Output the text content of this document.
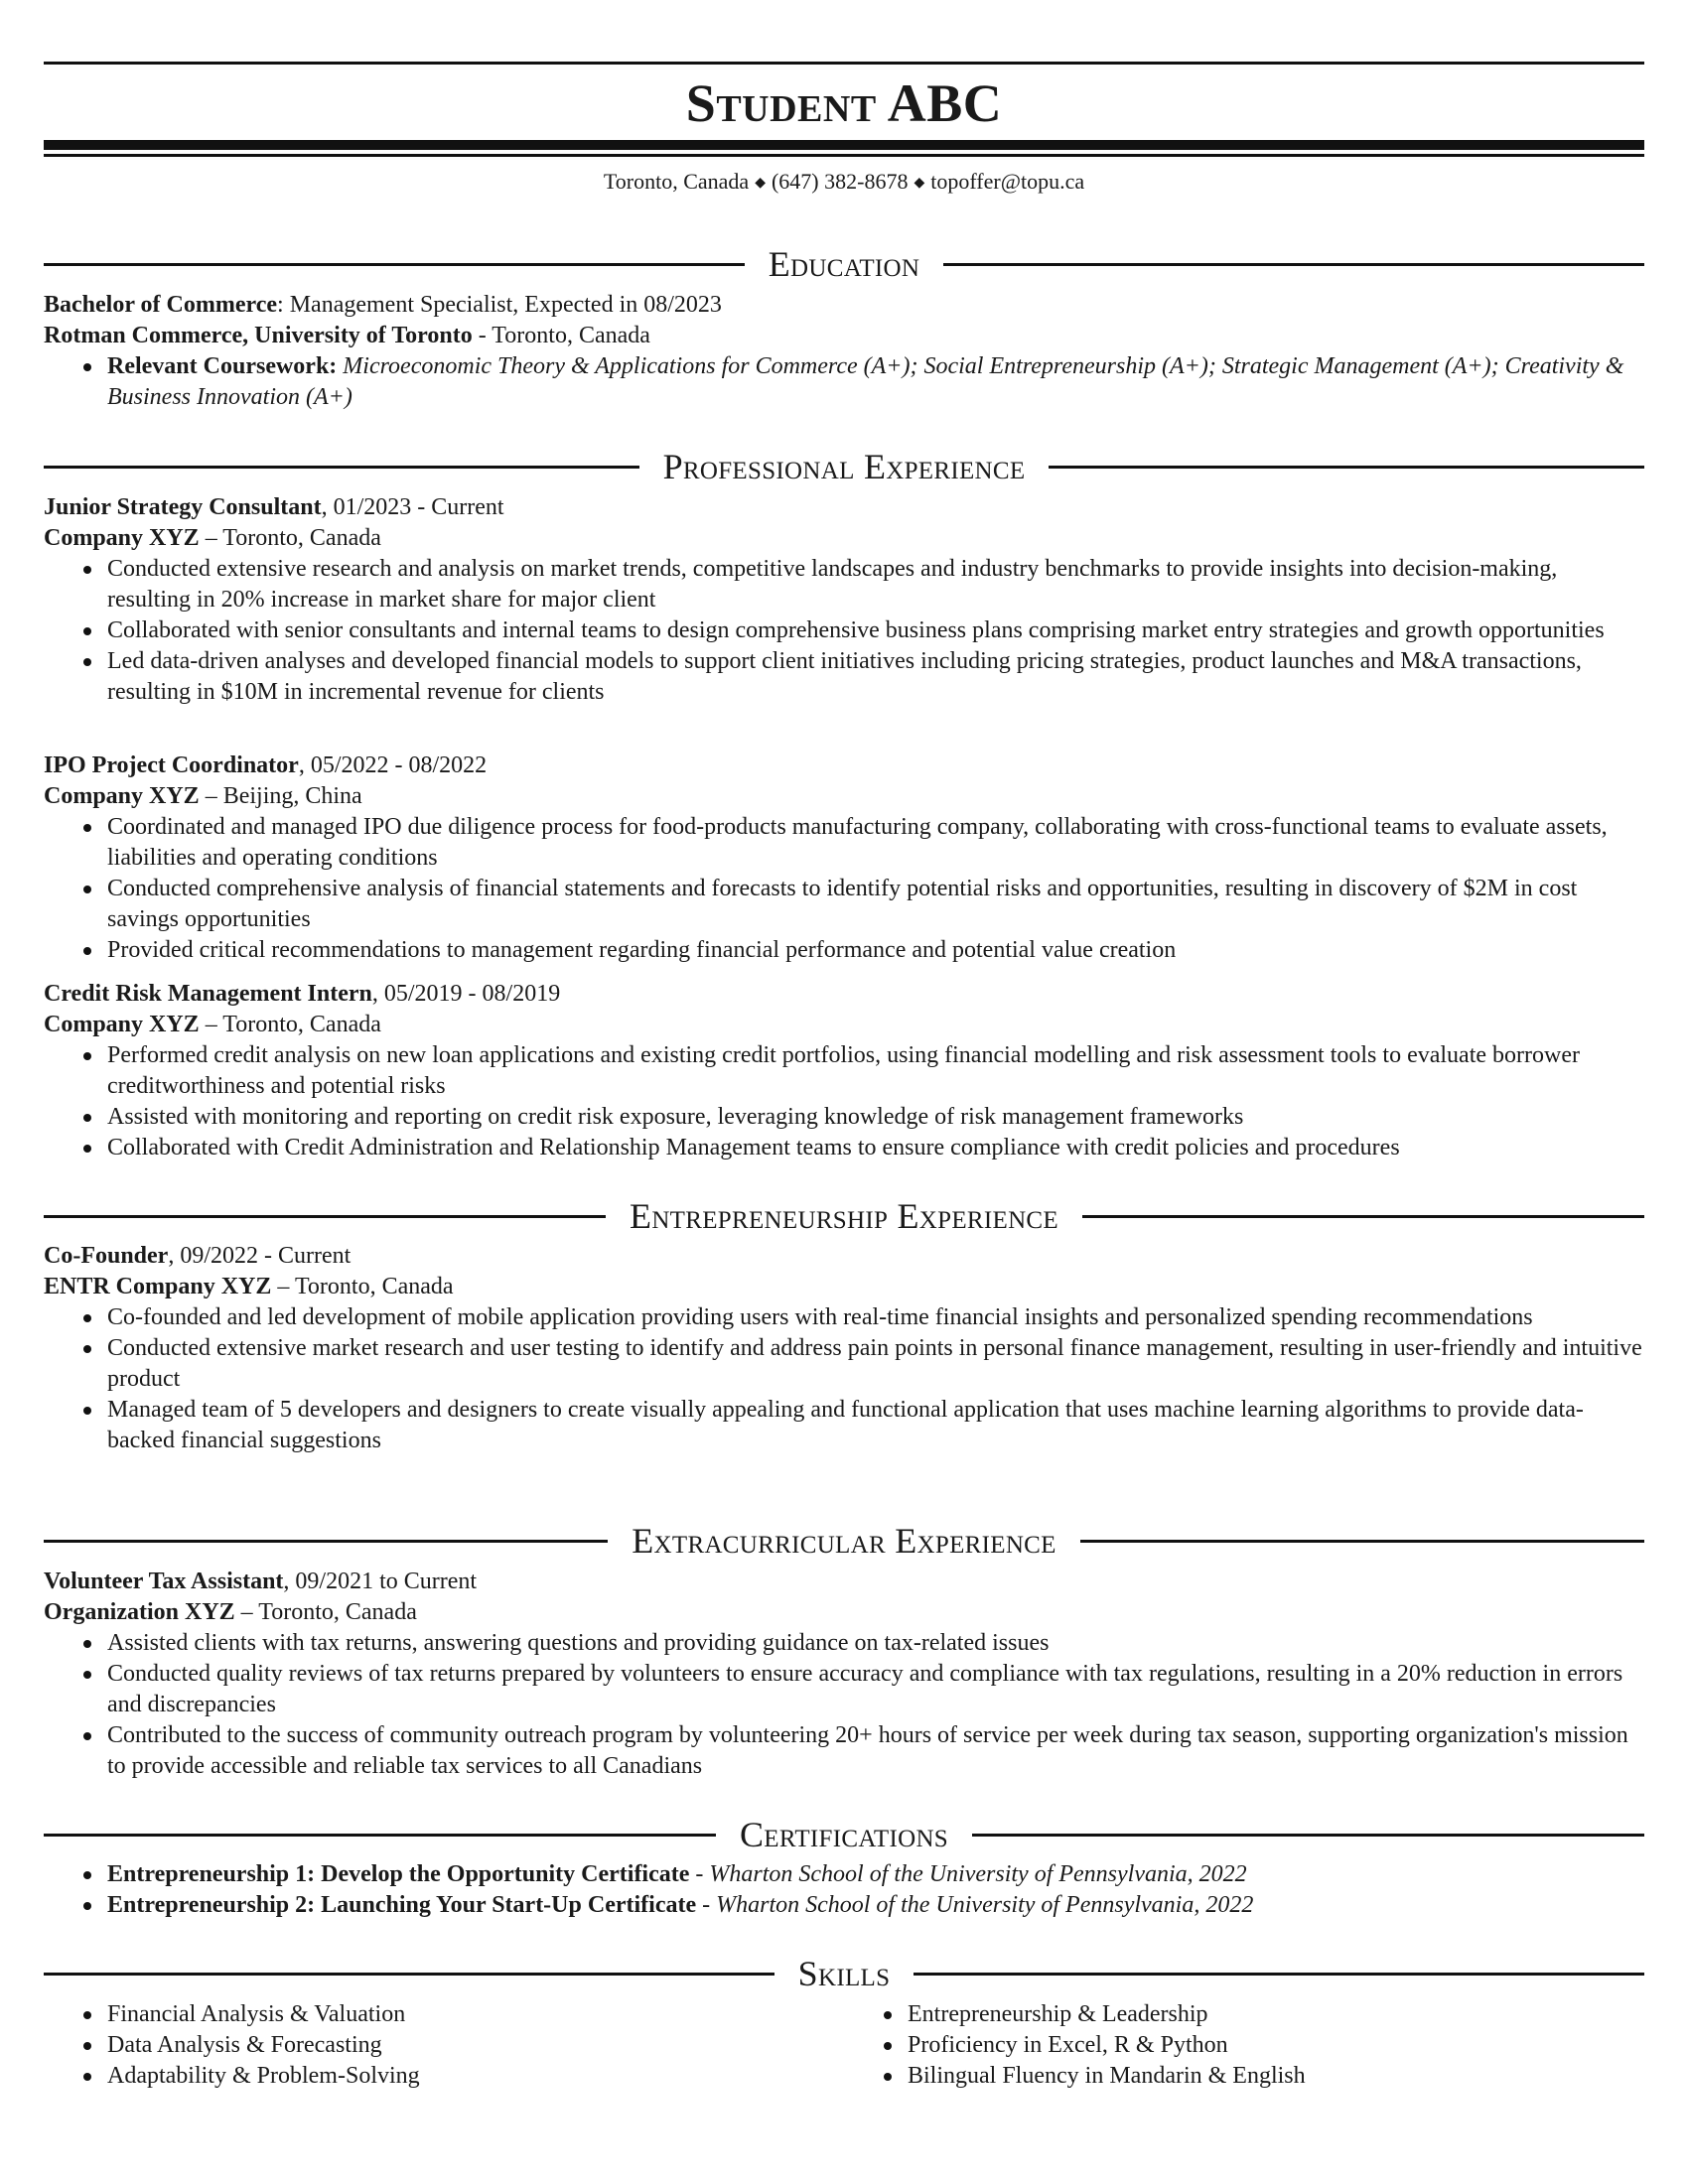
Student ABC
Toronto, Canada ◆ (647) 382-8678 ◆ topoffer@topu.ca
Education
Bachelor of Commerce: Management Specialist, Expected in 08/2023
Rotman Commerce, University of Toronto - Toronto, Canada
Relevant Coursework: Microeconomic Theory & Applications for Commerce (A+); Social Entrepreneurship (A+); Strategic Management (A+); Creativity & Business Innovation (A+)
Professional Experience
Junior Strategy Consultant, 01/2023 - Current
Company XYZ – Toronto, Canada
Conducted extensive research and analysis on market trends, competitive landscapes and industry benchmarks to provide insights into decision-making, resulting in 20% increase in market share for major client
Collaborated with senior consultants and internal teams to design comprehensive business plans comprising market entry strategies and growth opportunities
Led data-driven analyses and developed financial models to support client initiatives including pricing strategies, product launches and M&A transactions, resulting in $10M in incremental revenue for clients
IPO Project Coordinator, 05/2022 - 08/2022
Company XYZ – Beijing, China
Coordinated and managed IPO due diligence process for food-products manufacturing company, collaborating with cross-functional teams to evaluate assets, liabilities and operating conditions
Conducted comprehensive analysis of financial statements and forecasts to identify potential risks and opportunities, resulting in discovery of $2M in cost savings opportunities
Provided critical recommendations to management regarding financial performance and potential value creation
Credit Risk Management Intern, 05/2019 - 08/2019
Company XYZ – Toronto, Canada
Performed credit analysis on new loan applications and existing credit portfolios, using financial modelling and risk assessment tools to evaluate borrower creditworthiness and potential risks
Assisted with monitoring and reporting on credit risk exposure, leveraging knowledge of risk management frameworks
Collaborated with Credit Administration and Relationship Management teams to ensure compliance with credit policies and procedures
Entrepreneurship Experience
Co-Founder, 09/2022 - Current
ENTR Company XYZ – Toronto, Canada
Co-founded and led development of mobile application providing users with real-time financial insights and personalized spending recommendations
Conducted extensive market research and user testing to identify and address pain points in personal finance management, resulting in user-friendly and intuitive product
Managed team of 5 developers and designers to create visually appealing and functional application that uses machine learning algorithms to provide data-backed financial suggestions
Extracurricular Experience
Volunteer Tax Assistant, 09/2021 to Current
Organization XYZ – Toronto, Canada
Assisted clients with tax returns, answering questions and providing guidance on tax-related issues
Conducted quality reviews of tax returns prepared by volunteers to ensure accuracy and compliance with tax regulations, resulting in a 20% reduction in errors and discrepancies
Contributed to the success of community outreach program by volunteering 20+ hours of service per week during tax season, supporting organization's mission to provide accessible and reliable tax services to all Canadians
Certifications
Entrepreneurship 1: Develop the Opportunity Certificate - Wharton School of the University of Pennsylvania, 2022
Entrepreneurship 2: Launching Your Start-Up Certificate - Wharton School of the University of Pennsylvania, 2022
Skills
Financial Analysis & Valuation
Data Analysis & Forecasting
Adaptability & Problem-Solving
Entrepreneurship & Leadership
Proficiency in Excel, R & Python
Bilingual Fluency in Mandarin & English
